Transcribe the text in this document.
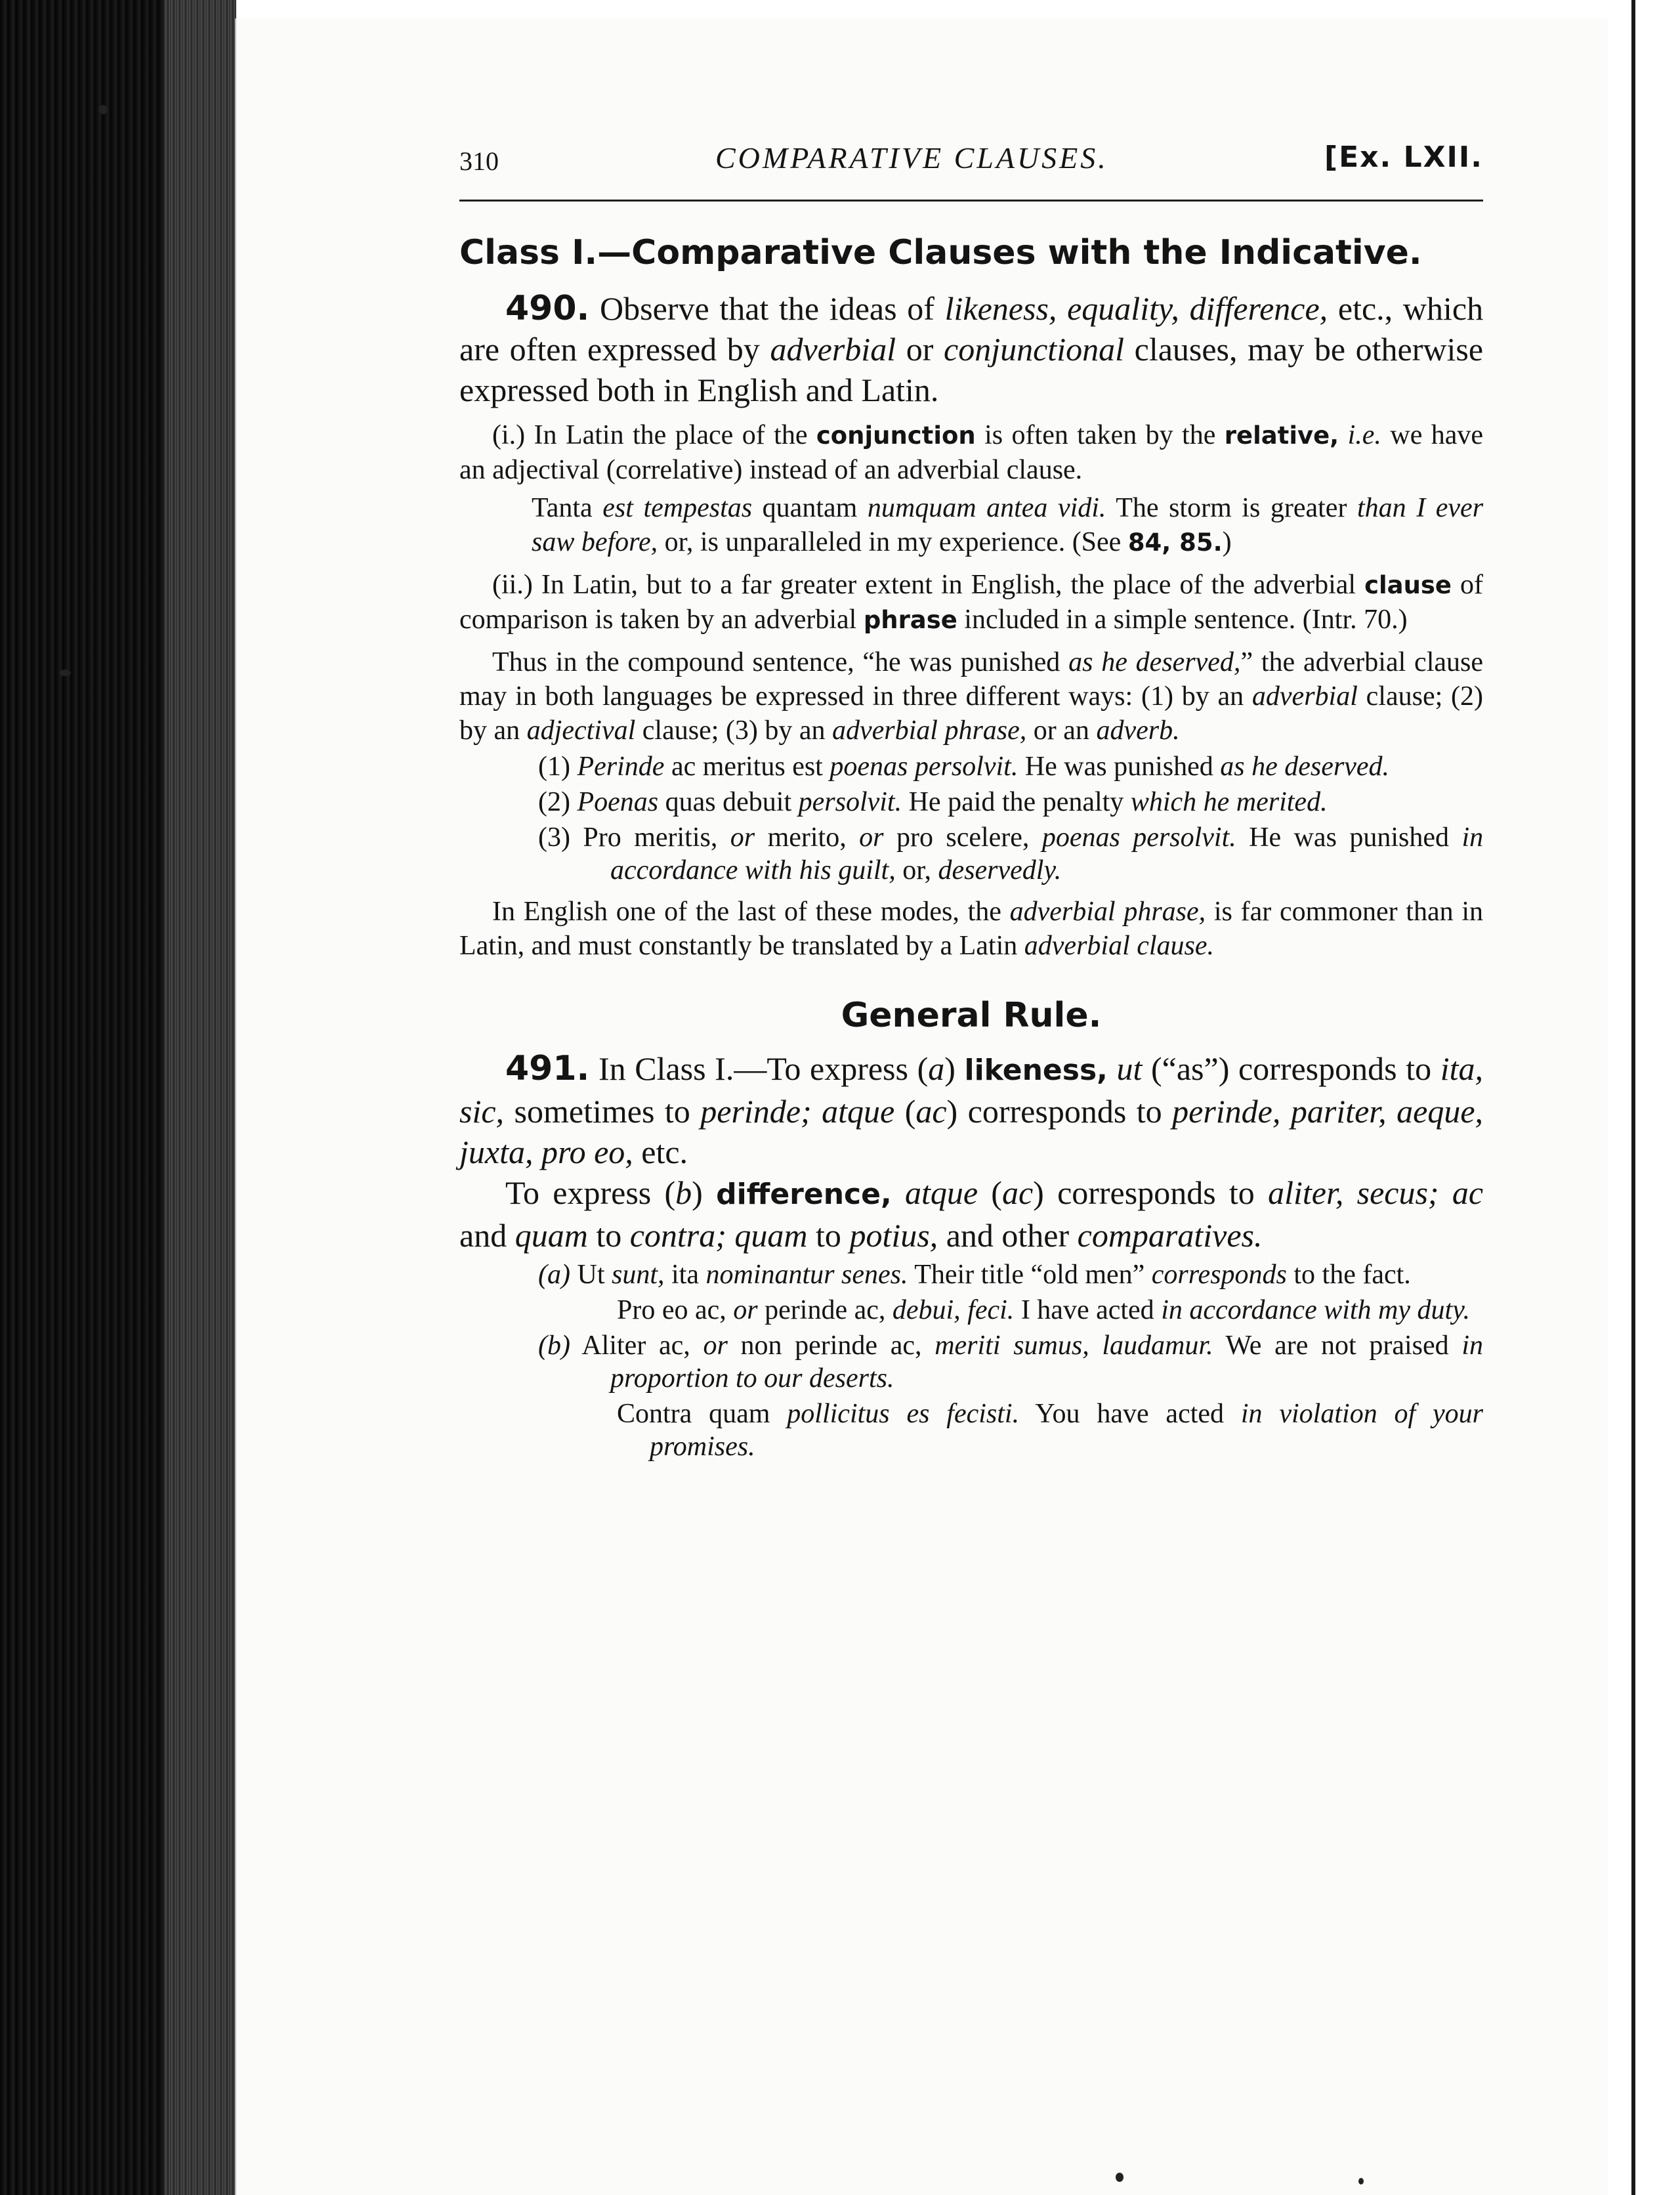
310	COMPARATIVE CLAUSES.	[Ex. LXII.
Class I.—Comparative Clauses with the Indicative.

490. Observe that the ideas of likeness, equality, difference, etc., which are often expressed by adverbial or conjunctional clauses, may be otherwise expressed both in English and Latin.

(i.) In Latin the place of the conjunction is often taken by the relative, i.e. we have an adjectival (correlative) instead of an adverbial clause.

Tanta est tempestas quantam numquam antea vidi. The storm is greater than I ever saw before, or, is unparalleled in my experience. (See 84, 85.)

(ii.) In Latin, but to a far greater extent in English, the place of the adverbial clause of comparison is taken by an adverbial phrase included in a simple sentence. (Intr. 70.)

Thus in the compound sentence, “he was punished as he deserved,” the adverbial clause may in both languages be expressed in three different ways: (1) by an adverbial clause; (2) by an adjectival clause; (3) by an adverbial phrase, or an adverb.

(1) Perinde ac meritus est poenas persolvit. He was punished as he deserved.

(2) Poenas quas debuit persolvit. He paid the penalty which he merited.

(3) Pro meritis, or merito, or pro scelere, poenas persolvit. He was punished in accordance with his guilt, or, deservedly.

In English one of the last of these modes, the adverbial phrase, is far commoner than in Latin, and must constantly be translated by a Latin adverbial clause.

General Rule.

491. In Class I.—To express (a) likeness, ut (“as”) corresponds to ita, sic, sometimes to perinde; atque (ac) corresponds to perinde, pariter, aeque, juxta, pro eo, etc.

To express (b) difference, atque (ac) corresponds to aliter, secus; ac and quam to contra; quam to potius, and other comparatives.

(a) Ut sunt, ita nominantur senes. Their title “old men” corresponds to the fact.

Pro eo ac, or perinde ac, debui, feci. I have acted in accordance with my duty.

(b) Aliter ac, or non perinde ac, meriti sumus, laudamur. We are not praised in proportion to our deserts.

Contra quam pollicitus es fecisti. You have acted in violation of your promises.
